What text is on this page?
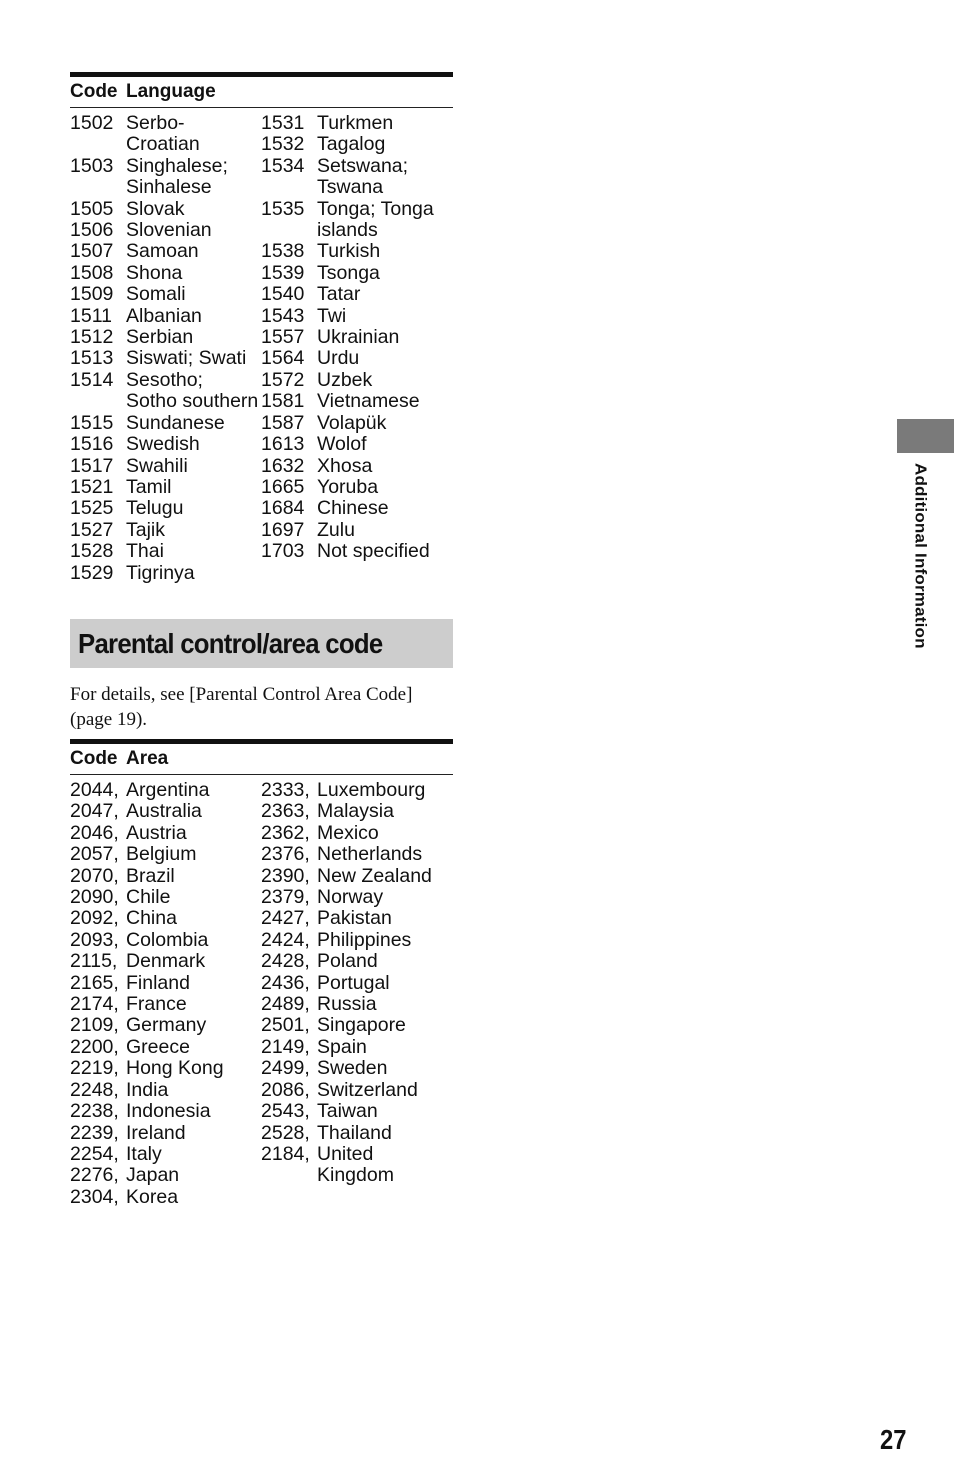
Code Language
1502 Serbo-
Croatian
1503 Singhalese;
Sinhalese
1505 Slovak
1506 Slovenian
1507 Samoan
1508 Shona
1509 Somali
1511 Albanian
1512 Serbian
1513 Siswati; Swati
1514 Sesotho;
Sotho southern
1515 Sundanese
1516 Swedish
1517 Swahili
1521 Tamil
1525 Telugu
1527 Tajik
1528 Thai
1529 Tigrinya
1531 Turkmen
1532 Tagalog
1534 Setswana;
Tswana
1535 Tonga; Tonga
islands
1538 Turkish
1539 Tsonga
1540 Tatar
1543 Twi
1557 Ukrainian
1564 Urdu
1572 Uzbek
1581 Vietnamese
1587 Volapük
1613 Wolof
1632 Xhosa
1665 Yoruba
1684 Chinese
1697 Zulu
1703 Not specified
Parental control/area code
For details, see [Parental Control Area Code] (page 19).
Code Area
2044, Argentina
2047, Australia
2046, Austria
2057, Belgium
2070, Brazil
2090, Chile
2092, China
2093, Colombia
2115, Denmark
2165, Finland
2174, France
2109, Germany
2200, Greece
2219, Hong Kong
2248, India
2238, Indonesia
2239, Ireland
2254, Italy
2276, Japan
2304, Korea
2333, Luxembourg
2363, Malaysia
2362, Mexico
2376, Netherlands
2390, New Zealand
2379, Norway
2427, Pakistan
2424, Philippines
2428, Poland
2436, Portugal
2489, Russia
2501, Singapore
2149, Spain
2499, Sweden
2086, Switzerland
2543, Taiwan
2528, Thailand
2184, United
Kingdom
Additional Information
27
